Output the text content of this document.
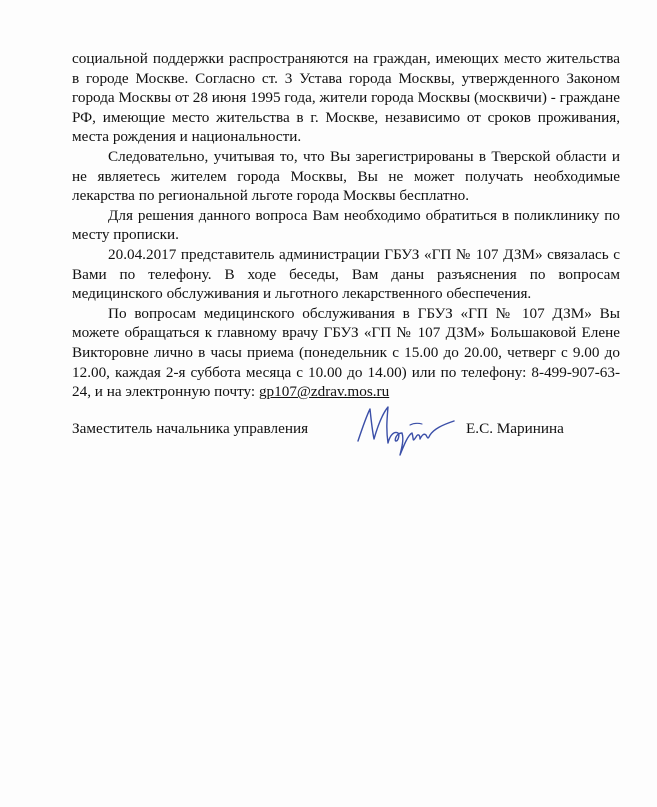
социальной поддержки распространяются на граждан, имеющих место жительства в городе Москве. Согласно ст. 3 Устава города Москвы, утвержденного Законом города Москвы от 28 июня 1995 года, жители города Москвы (москвичи) - граждане РФ, имеющие место жительства в г. Москве, независимо от сроков проживания, места рождения и национальности.

Следовательно, учитывая то, что Вы зарегистрированы в Тверской области и не являетесь жителем города Москвы, Вы не может получать необходимые лекарства по региональной льготе города Москвы бесплатно.

Для решения данного вопроса Вам необходимо обратиться в поликлинику по месту прописки.

20.04.2017 представитель администрации ГБУЗ «ГП № 107 ДЗМ» связалась с Вами по телефону. В ходе беседы, Вам даны разъяснения по вопросам медицинского обслуживания и льготного лекарственного обеспечения.

По вопросам медицинского обслуживания в ГБУЗ «ГП № 107 ДЗМ» Вы можете обращаться к главному врачу ГБУЗ «ГП № 107 ДЗМ» Большаковой Елене Викторовне лично в часы приема (понедельник с 15.00 до 20.00, четверг с 9.00 до 12.00, каждая 2-я суббота месяца с 10.00 до 14.00) или по телефону: 8-499-907-63-24, и на электронную почту: gp107@zdrav.mos.ru

Заместитель начальника управления	Е.С. Маринина
